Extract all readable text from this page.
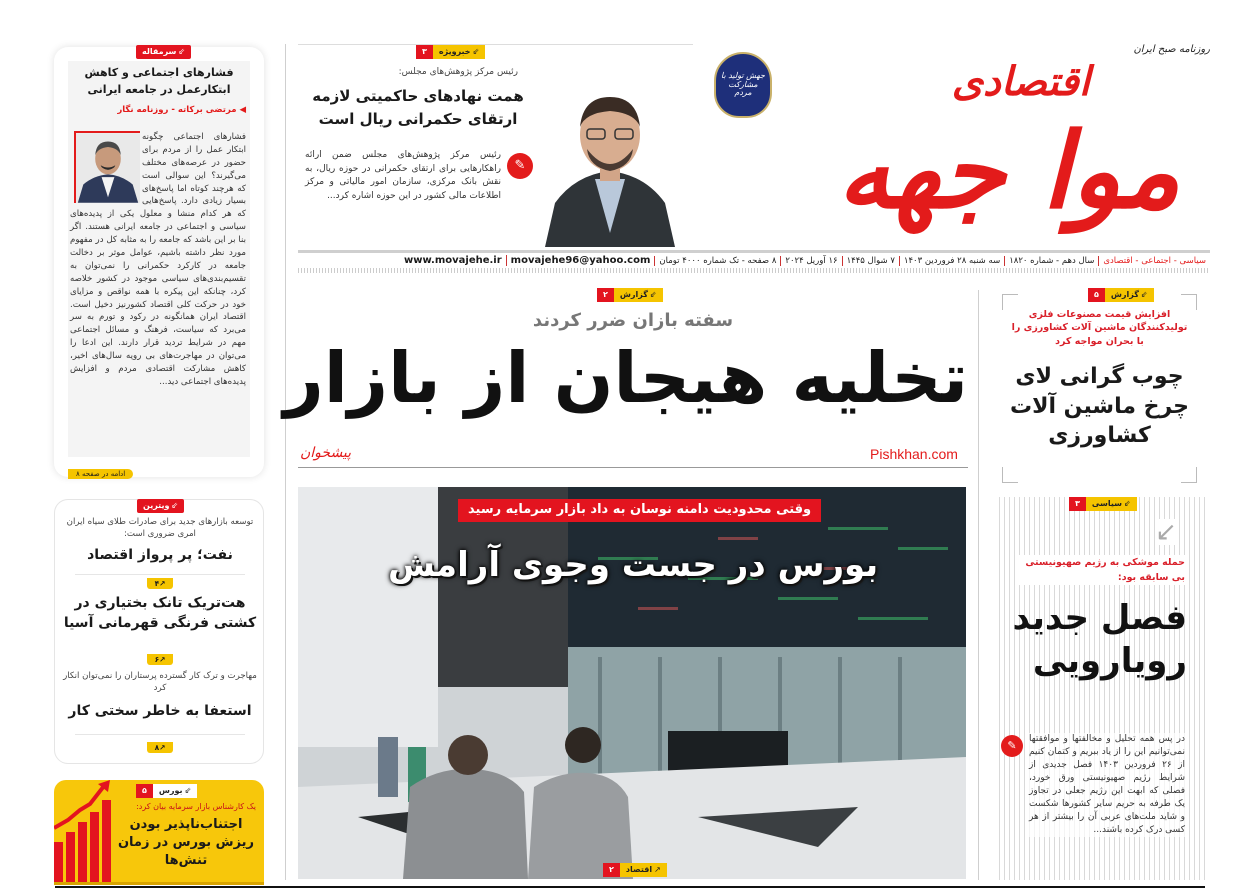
روزنامه صبح ایران
اقتصادی
موا جهه
جهش تولید با مشارکت مردم
⇙خبرویژه
۳
رئیس مرکز پژوهش‌های مجلس:
همت نهادهای حاکمیتی لازمه ارتقای حکمرانی ریال است
✎
رئیس مرکز پژوهش‌های مجلس ضمن ارائه راهکارهایی برای ارتقای حکمرانی در حوزه ریال، به نقش بانک مرکزی، سازمان امور مالیاتی و مرکز اطلاعات مالی کشور در این حوزه اشاره کرد...
سیاسی - اجتماعی - اقتصادی
سال دهم - شماره ۱۸۲۰
سه شنبه ۲۸ فروردین ۱۴۰۳
۷ شوال ۱۴۴۵
۱۶ آوریل ۲۰۲۴
۸ صفحه - تک شماره ۴۰۰۰ تومان
movajehe96@yahoo.com
www.movajehe.ir
فشارهای اجتماعی و کاهش ابتکارعمل در جامعه ایرانی
◀ مرتضی برکاته - روزنامه نگار
فشارهای اجتماعی چگونه ابتکار عمل را از مردم برای حضور در عرصه‌های مختلف می‌گیرند؟ این سوالی است که هرچند کوتاه اما پاسخ‌های بسیار زیادی دارد. پاسخ‌هایی که هر کدام منشا و معلول یکی از پدیده‌های سیاسی و اجتماعی در جامعه ایرانی هستند. اگر بنا بر این باشد که جامعه را به مثابه کل در مفهوم مورد نظر داشته باشیم، عوامل موثر بر دخالت جامعه در کارکرد حکمرانی را نمی‌توان به تقسیم‌بندی‌های سیاسی موجود در کشور خلاصه کرد، چنانکه این پیکره با همه نواقص و مزایای خود در حرکت کلی اقتصاد کشورنیز دخیل است. اقتصاد ایران همانگونه در رکود و تورم به سر می‌برد که سیاست، فرهنگ و مسائل اجتماعی مهم در شرایط تردید قرار دارند. این ادعا را می‌توان در مهاجرت‌های بی رویه سال‌های اخیر، کاهش مشارکت اقتصادی مردم و افزایش پدیده‌های اجتماعی دید...
⇙سرمقاله
ادامه در صفحه ۸
⇙ویترین
توسعه بازارهای جدید برای صادرات طلای سیاه ایران امری ضروری است:
نفت؛ پر پرواز اقتصاد
۴↗
هت‌تریک تانک بختیاری در کشتی فرنگی قهرمانی آسیا
۶↗
مهاجرت و ترک کار گسترده پرستاران را نمی‌توان انکار کرد
استعفا به خاطر سختی کار
۸↗
⇙بورس
۵
یک کارشناس بازار سرمایه بیان کرد:
اجتناب‌ناپذیر بودن ریزش بورس در زمان تنش‌ها
⇙گزارش
۲
سفته بازان ضرر کردند
تخلیه هیجان از بازار
پیشخوان	Pishkhan.com
وقتی محدودیت دامنه نوسان به داد بازار سرمایه رسید
بورس در جست وجوی آرامش
↗اقتصاد
۲
⇙گزارش
۵
افزایش قیمت مصنوعات فلزی تولیدکنندگان ماشین آلات کشاورزی را با بحران مواجه کرد
چوب گرانی لای چرخ ماشین آلات کشاورزی
⇙سیاسی
۳
↙
حمله موشکی به رژیم صهیونیستی بی سابقه بود:
فصل جدید رویارویی
✎	در پس همه تحلیل و مخالفتها و موافقتها نمی‌توانیم این را از یاد ببریم و کتمان کنیم از ۲۶ فروردین ۱۴۰۳ فصل جدیدی از شرایط رژیم صهیونیستی ورق خورد، فصلی که ابهت این رژیم جعلی در تجاوز یک طرفه به حریم سایر کشورها شکست و شاید ملت‌های عربی آن را بیشتر از هر کسی درک کرده باشند...
